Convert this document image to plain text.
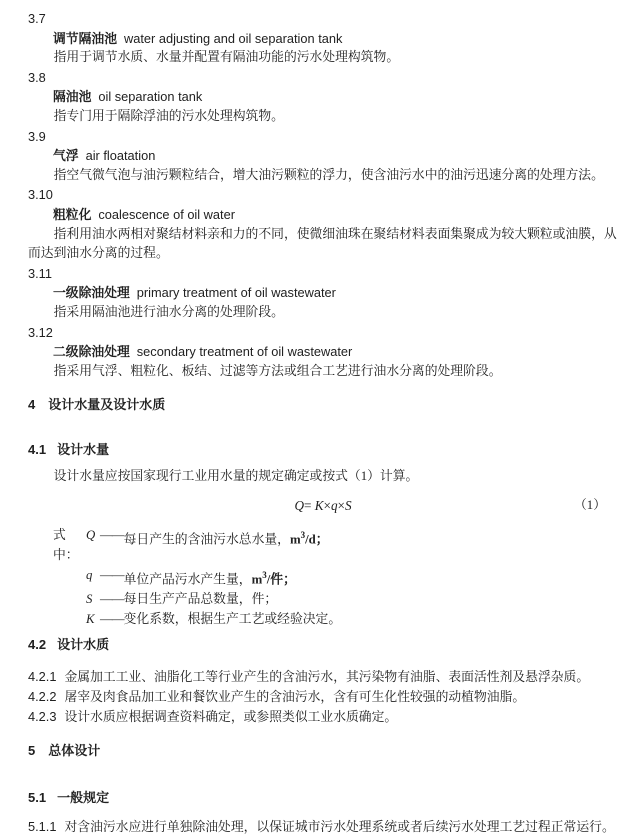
3.7
调节隔油池 water adjusting and oil separation tank
指用于调节水质、水量并配置有隔油功能的污水处理构筑物。
3.8
隔油池 oil separation tank
指专门用于隔除浮油的污水处理构筑物。
3.9
气浮 air floatation
指空气微气泡与油污颗粒结合，增大油污颗粒的浮力，使含油污水中的油污迅速分离的处理方法。
3.10
粗粒化 coalescence of oil water
指利用油水两相对聚结材料亲和力的不同，使微细油珠在聚结材料表面集聚成为较大颗粒或油膜，从而达到油水分离的过程。
3.11
一级除油处理 primary treatment of oil wastewater
指采用隔油池进行油水分离的处理阶段。
3.12
二级除油处理 secondary treatment of oil wastewater
指采用气浮、粗粒化、板结、过滤等方法或组合工艺进行油水分离的处理阶段。
4 设计水量及设计水质
4.1 设计水量
设计水量应按国家现行工业用水量的规定确定或按式（1）计算。
Q= K×q×S	（1）
式中：
Q —— 每日产生的含油污水总水量，$m^3/d$；
q —— 单位产品污水产生量，$m^3/$件；
S —— 每日生产产品总数量，件；
K —— 变化系数，根据生产工艺或经验决定。
4.2 设计水质
4.2.1 金属加工工业、油脂化工等行业产生的含油污水，其污染物有油脂、表面活性剂及悬浮杂质。
4.2.2 屠宰及肉食品加工业和餐饮业产生的含油污水，含有可生化性较强的动植物油脂。
4.2.3 设计水质应根据调查资料确定，或参照类似工业水质确定。
5 总体设计
5.1 一般规定
5.1.1 对含油污水应进行单独除油处理，以保证城市污水处理系统或者后续污水处理工艺过程正常运行。
